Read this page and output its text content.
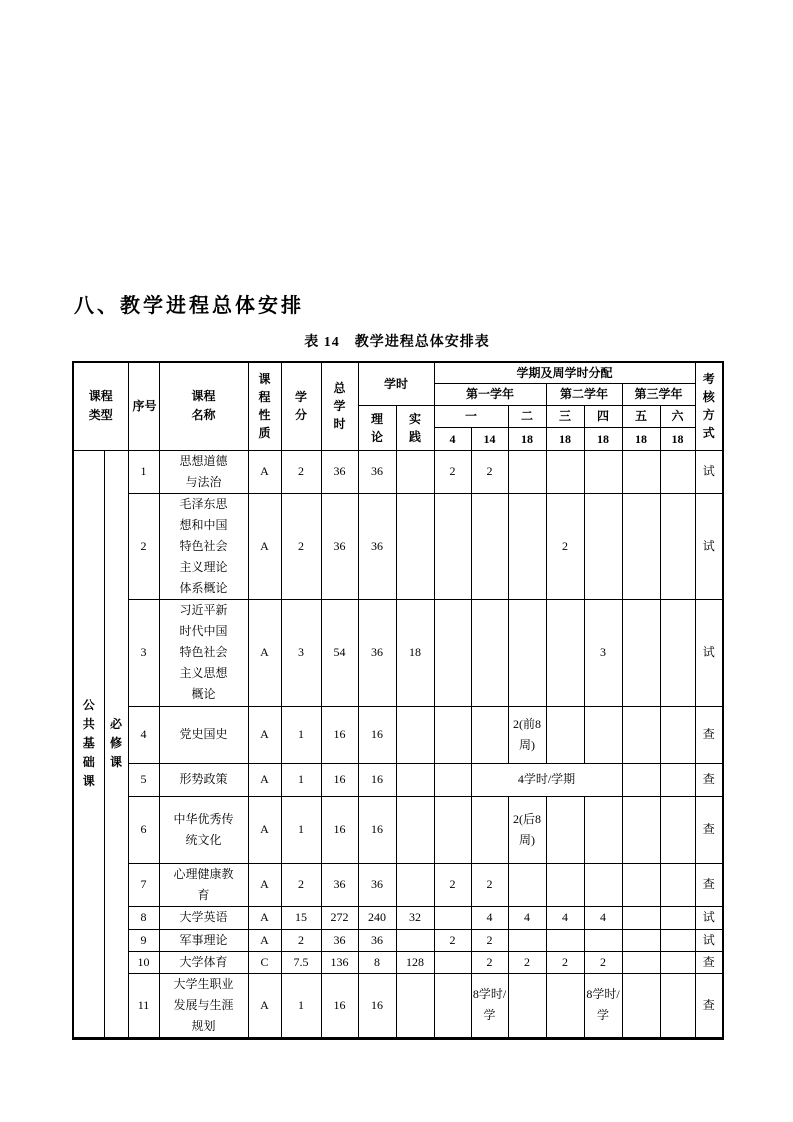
八、教学进程总体安排
表 14　教学进程总体安排表
课程类型		序号	课程名称	课程性质	学分	总学时	学时		学期及周学时分配							考核方式
									第一学年			第二学年		第三学年		
							理论	实践	一		二	三	四	五	六	
									4	14	18	18	18	18	18	
公共基础课	必修课	1	思想道德与法治	A	2	36	36		2	2						试
		2	毛泽东思想和中国特色社会主义理论体系概论	A	2	36	36					2				试
		3	习近平新时代中国特色社会主义思想概论	A	3	54	36	18					3			试
		4	党史国史	A	1	16	16				2(前8周)					查
		5	形势政策	A	1	16	16			4学时/学期						查
		6	中华优秀传统文化	A	1	16	16				2(后8周)					查
		7	心理健康教育	A	2	36	36		2	2						查
		8	大学英语	A	15	272	240	32		4	4	4	4			试
		9	军事理论	A	2	36	36		2	2						试
		10	大学体育	C	7.5	136	8	128		2	2	2	2			查
		11	大学生职业发展与生涯规划	A	1	16	16			8学时/学			8学时/学			查
